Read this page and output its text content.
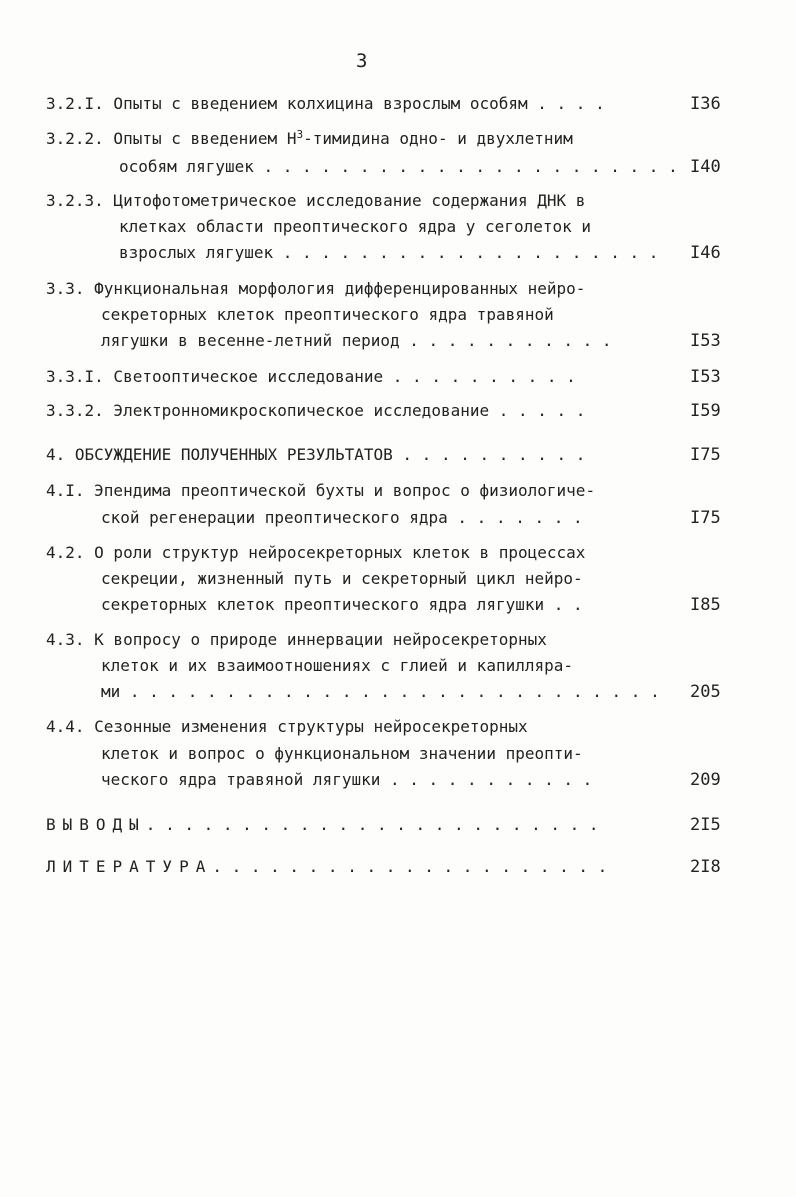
3
3.2.I. Опыты с введением колхицина взрослым особям . . . .	I36
3.2.2. Опыты с введением $Н^3$-тимидина одно- и двухлетним
особям лягушек . . . . . . . . . . . . . . . . . . . . . . I40
3.2.3. Цитофотометрическое исследование содержания ДНК в
клетках области преоптического ядра у сеголеток и
взрослых лягушек . . . . . . . . . . . . . . . . . . . . I46
3.3. Функциональная морфология дифференцированных нейро-
секреторных клеток преоптического ядра травяной
лягушки в весенне-летний период . . . . . . . . . . .	I53
3.3.I. Светооптическое исследование . . . . . . . . . .	I53
3.3.2. Электронномикроскопическое исследование . . . . .	I59
4. ОБСУЖДЕНИЕ ПОЛУЧЕННЫХ РЕЗУЛЬТАТОВ . . . . . . . . . .	I75
4.I. Эпендима преоптической бухты и вопрос о физиологиче-
ской регенерации преоптического ядра . . . . . . .	I75
4.2. О роли структур нейросекреторных клеток в процессах
секреции, жизненный путь и секреторный цикл нейро-
секреторных клеток преоптического ядра лягушки . .	I85
4.3. К вопросу о природе иннервации нейросекреторных
клеток и их взаимоотношениях с глией и капилляра-
ми . . . . . . . . . . . . . . . . . . . . . . . . . . . . 205
4.4. Сезонные изменения структуры нейросекреторных
клеток и вопрос о функциональном значении преопти-
ческого ядра травяной лягушки . . . . . . . . . . .	209
ВЫВОДЫ. . . . . . . . . . . . . . . . . . . . . . . .	2I5
ЛИТЕРАТУРА. . . . . . . . . . . . . . . . . . . . .	2I8
